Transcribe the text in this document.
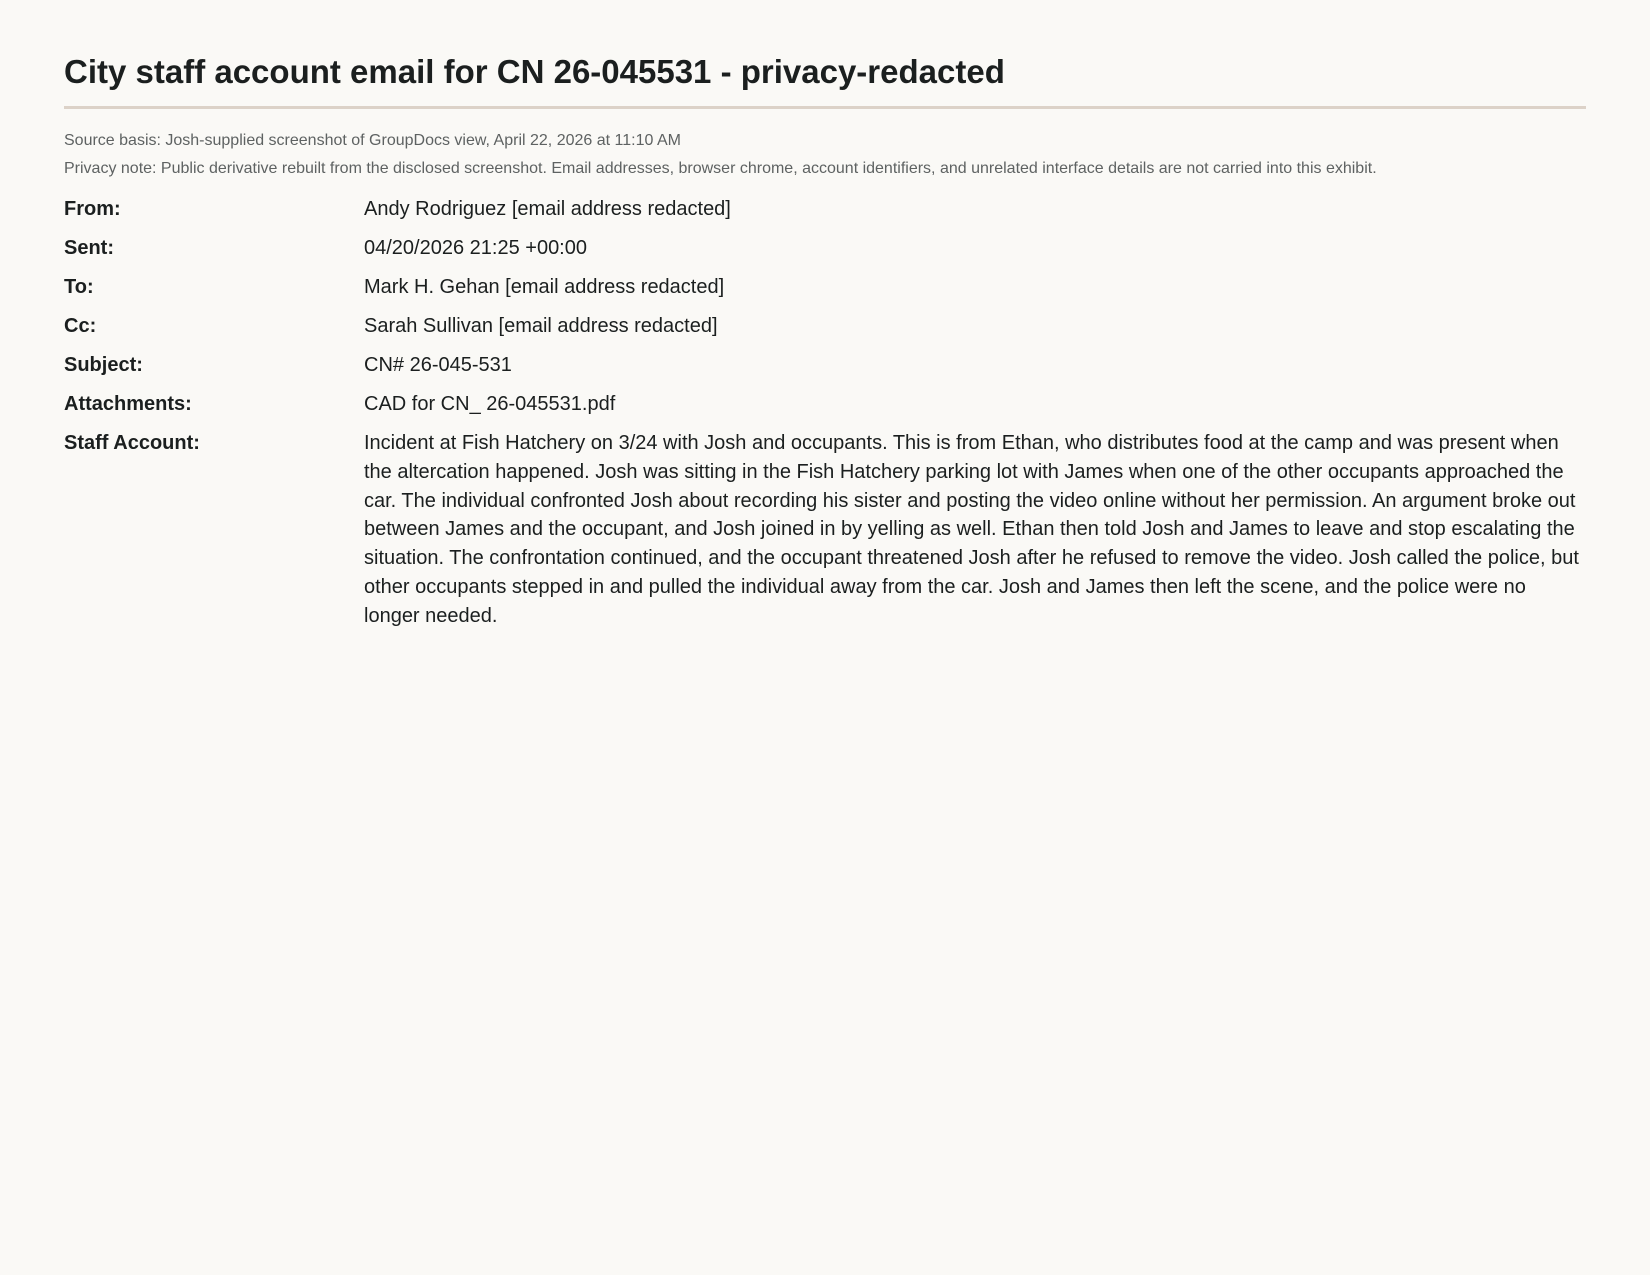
City staff account email for CN 26-045531 - privacy-redacted

Source basis: Josh-supplied screenshot of GroupDocs view, April 22, 2026 at 11:10 AM

Privacy note: Public derivative rebuilt from the disclosed screenshot. Email addresses, browser chrome, account identifiers, and unrelated interface details are not carried into this exhibit.

From:	Andy Rodriguez [email address redacted]
Sent:	04/20/2026 21:25 +00:00
To:	Mark H. Gehan [email address redacted]
Cc:	Sarah Sullivan [email address redacted]
Subject:	CN# 26-045-531
Attachments:	CAD for CN_ 26-045531.pdf
Staff Account:	Incident at Fish Hatchery on 3/24 with Josh and occupants. This is from Ethan, who distributes food at the camp and was present when the altercation happened. Josh was sitting in the Fish Hatchery parking lot with James when one of the other occupants approached the car. The individual confronted Josh about recording his sister and posting the video online without her permission. An argument broke out between James and the occupant, and Josh joined in by yelling as well. Ethan then told Josh and James to leave and stop escalating the situation. The confrontation continued, and the occupant threatened Josh after he refused to remove the video. Josh called the police, but other occupants stepped in and pulled the individual away from the car. Josh and James then left the scene, and the police were no longer needed.
